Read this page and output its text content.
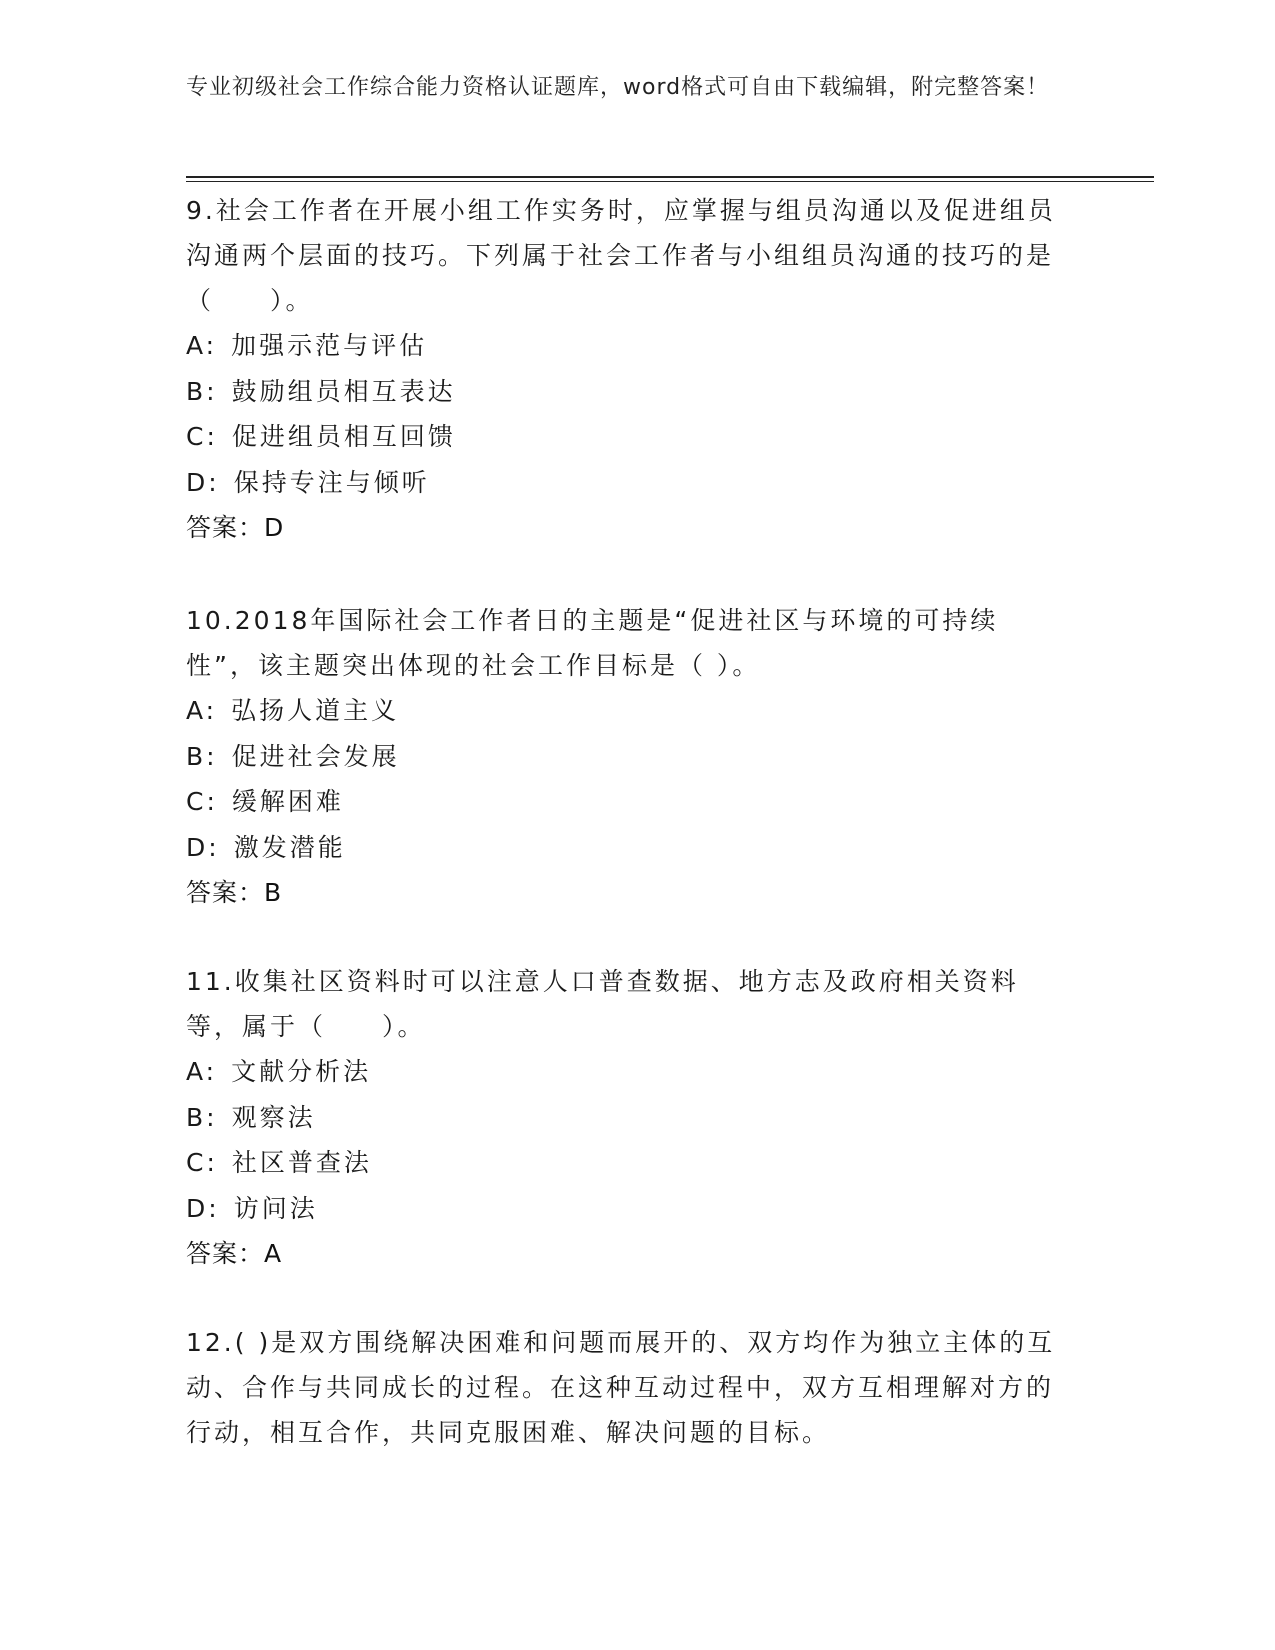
专业初级社会工作综合能力资格认证题库，word格式可自由下载编辑，附完整答案！
9.社会工作者在开展小组工作实务时，应掌握与组员沟通以及促进组员沟通两个层面的技巧。下列属于社会工作者与小组组员沟通的技巧的是（　　）。
A: 加强示范与评估
B: 鼓励组员相互表达
C: 促进组员相互回馈
D: 保持专注与倾听
答案：D
10.2018年国际社会工作者日的主题是“促进社区与环境的可持续性”，该主题突出体现的社会工作目标是（ ）。
A: 弘扬人道主义
B: 促进社会发展
C: 缓解困难
D: 激发潜能
答案：B
11.收集社区资料时可以注意人口普查数据、地方志及政府相关资料等，属于（　　）。
A: 文献分析法
B: 观察法
C: 社区普查法
D: 访问法
答案：A
12.( )是双方围绕解决困难和问题而展开的、双方均作为独立主体的互动、合作与共同成长的过程。在这种互动过程中，双方互相理解对方的行动，相互合作，共同克服困难、解决问题的目标。
